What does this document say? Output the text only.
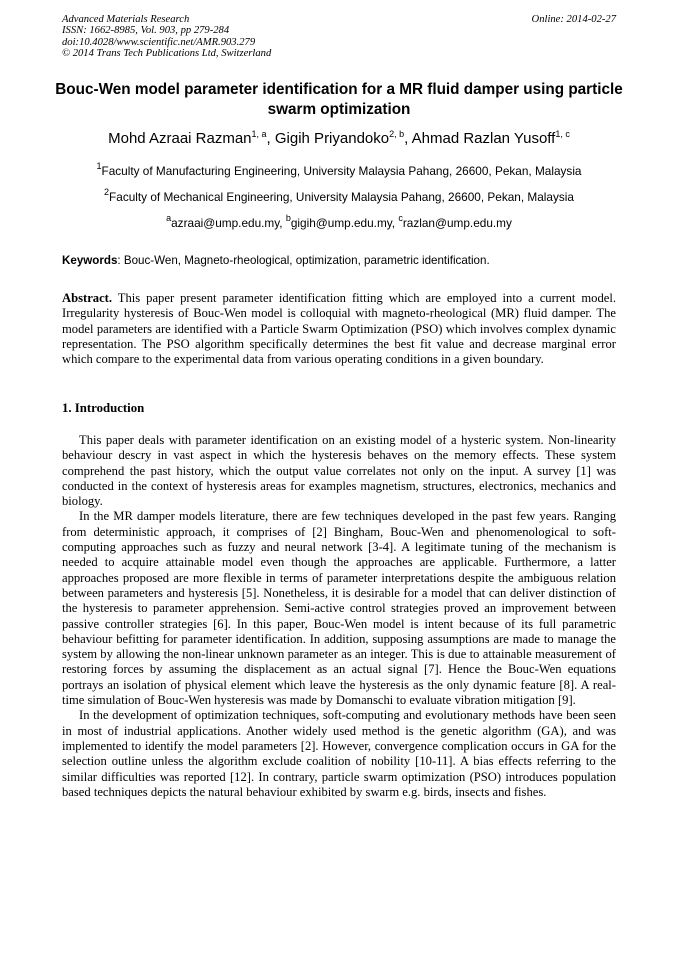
Advanced Materials Research
ISSN: 1662-8985, Vol. 903, pp 279-284
doi:10.4028/www.scientific.net/AMR.903.279
© 2014 Trans Tech Publications Ltd, Switzerland
Online: 2014-02-27
Bouc-Wen model parameter identification for a MR fluid damper using particle swarm optimization
Mohd Azraai Razman$^{1, a}$, Gigih Priyandoko$^{2, b}$, Ahmad Razlan Yusoff$^{1, c}$
$^1$Faculty of Manufacturing Engineering, University Malaysia Pahang, 26600, Pekan, Malaysia
$^2$Faculty of Mechanical Engineering, University Malaysia Pahang, 26600, Pekan, Malaysia
$^a$azraai@ump.edu.my, $^b$gigih@ump.edu.my, $^c$razlan@ump.edu.my
Keywords: Bouc-Wen, Magneto-rheological, optimization, parametric identification.
Abstract. This paper present parameter identification fitting which are employed into a current model. Irregularity hysteresis of Bouc-Wen model is colloquial with magneto-rheological (MR) fluid damper. The model parameters are identified with a Particle Swarm Optimization (PSO) which involves complex dynamic representation. The PSO algorithm specifically determines the best fit value and decrease marginal error which compare to the experimental data from various operating conditions in a given boundary.
1. Introduction

This paper deals with parameter identification on an existing model of a hysteric system. Non-linearity behaviour descry in vast aspect in which the hysteresis behaves on the memory effects. These system comprehend the past history, which the output value correlates not only on the input. A survey [1] was conducted in the context of hysteresis areas for examples magnetism, structures, electronics, mechanics and biology.

In the MR damper models literature, there are few techniques developed in the past few years. Ranging from deterministic approach, it comprises of [2] Bingham, Bouc-Wen and phenomenological to soft-computing approaches such as fuzzy and neural network [3-4]. A legitimate tuning of the mechanism is needed to acquire attainable model even though the approaches are applicable. Furthermore, a latter approaches proposed are more flexible in terms of parameter interpretations despite the ambiguous relation between parameters and hysteresis [5]. Nonetheless, it is desirable for a model that can deliver distinction of the hysteresis to parameter apprehension. Semi-active control strategies proved an improvement between passive controller strategies [6]. In this paper, Bouc-Wen model is intent because of its full parametric behaviour befitting for parameter identification. In addition, supposing assumptions are made to manage the system by allowing the non-linear unknown parameter as an integer. This is due to attainable measurement of restoring forces by assuming the displacement as an actual signal [7]. Hence the Bouc-Wen equations portrays an isolation of physical element which leave the hysteresis as the only dynamic feature [8]. A real-time simulation of Bouc-Wen hysteresis was made by Domanschi to evaluate vibration mitigation [9].

In the development of optimization techniques, soft-computing and evolutionary methods have been seen in most of industrial applications. Another widely used method is the genetic algorithm (GA), and was implemented to identify the model parameters [2]. However, convergence complication occurs in GA for the selection outline unless the algorithm exclude coalition of nobility [10-11]. A bias effects referring to the similar difficulties was reported [12]. In contrary, particle swarm optimization (PSO) introduces population based techniques depicts the natural behaviour exhibited by swarm e.g. birds, insects and fishes.
